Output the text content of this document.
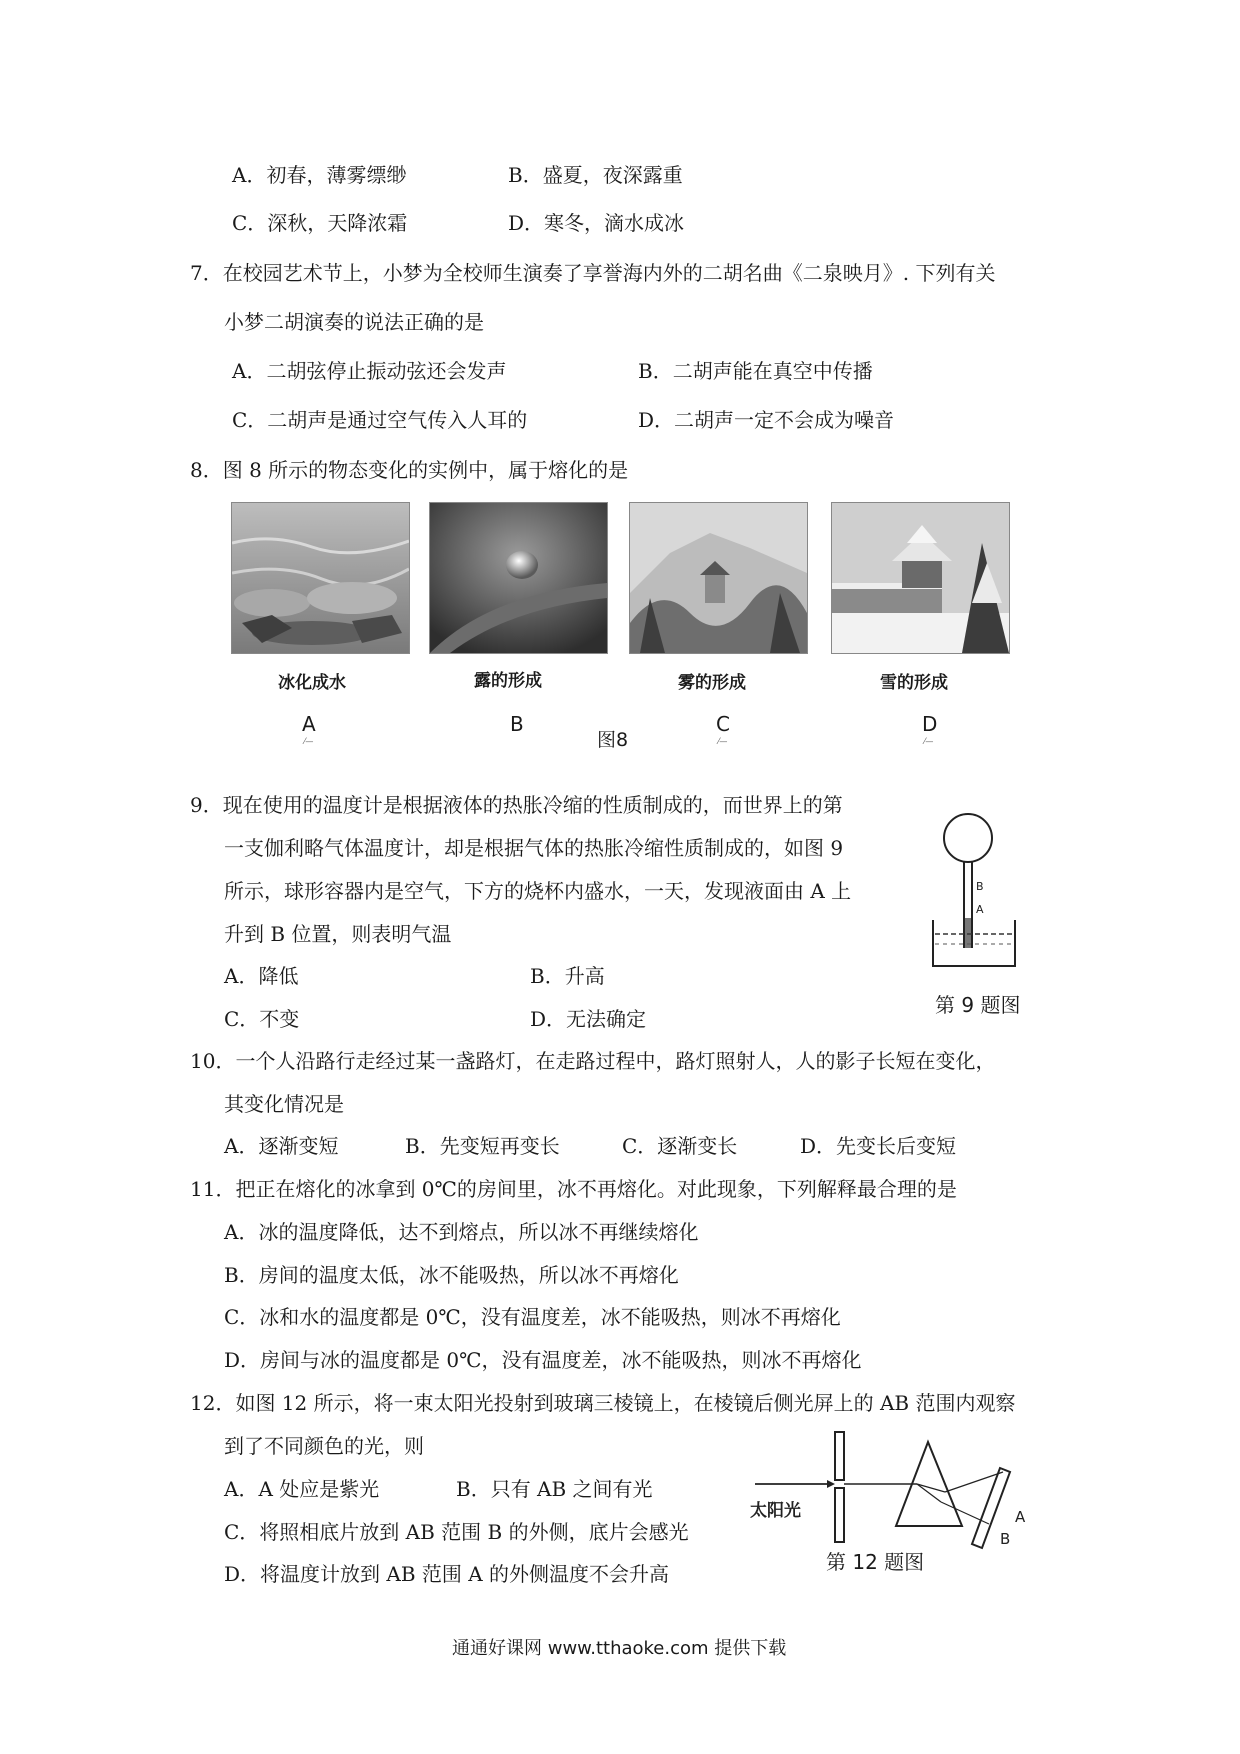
A．初春，薄雾缥缈	B．盛夏，夜深露重
C．深秋，天降浓霜	D．寒冬，滴水成冰
7．在校园艺术节上，小梦为全校师生演奏了享誉海内外的二胡名曲《二泉映月》. 下列有关
小梦二胡演奏的说法正确的是
A．二胡弦停止振动弦还会发声	B．二胡声能在真空中传播
C．二胡声是通过空气传入人耳的	D．二胡声一定不会成为噪音
8．图 8 所示的物态变化的实例中，属于熔化的是
冰化成水	露的形成	雾的形成	雪的形成
A	B	C	D
⁄—	⁄—	⁄—
图8
9．现在使用的温度计是根据液体的热胀冷缩的性质制成的，而世界上的第
一支伽利略气体温度计，却是根据气体的热胀冷缩性质制成的，如图 9
所示，球形容器内是空气，下方的烧杯内盛水，一天，发现液面由 A 上
升到 B 位置，则表明气温
A．降低	B．升高
C．不变	D．无法确定
B
A
第 9 题图
10．一个人沿路行走经过某一盏路灯，在走路过程中，路灯照射人，人的影子长短在变化，
其变化情况是
A．逐渐变短	B．先变短再变长	C．逐渐变长	D．先变长后变短
11．把正在熔化的冰拿到 0℃的房间里，冰不再熔化。对此现象，下列解释最合理的是
A．冰的温度降低，达不到熔点，所以冰不再继续熔化
B．房间的温度太低，冰不能吸热，所以冰不再熔化
C．冰和水的温度都是 0℃，没有温度差，冰不能吸热，则冰不再熔化
D．房间与冰的温度都是 0℃，没有温度差，冰不能吸热，则冰不再熔化
12．如图 12 所示，将一束太阳光投射到玻璃三棱镜上，在棱镜后侧光屏上的 AB 范围内观察
到了不同颜色的光，则
A．A 处应是紫光	B．只有 AB 之间有光
C．将照相底片放到 AB 范围 B 的外侧，底片会感光
D．将温度计放到 AB 范围 A 的外侧温度不会升高
太阳光	A
B
第 12 题图
通通好课网 www.tthaoke.com 提供下载
